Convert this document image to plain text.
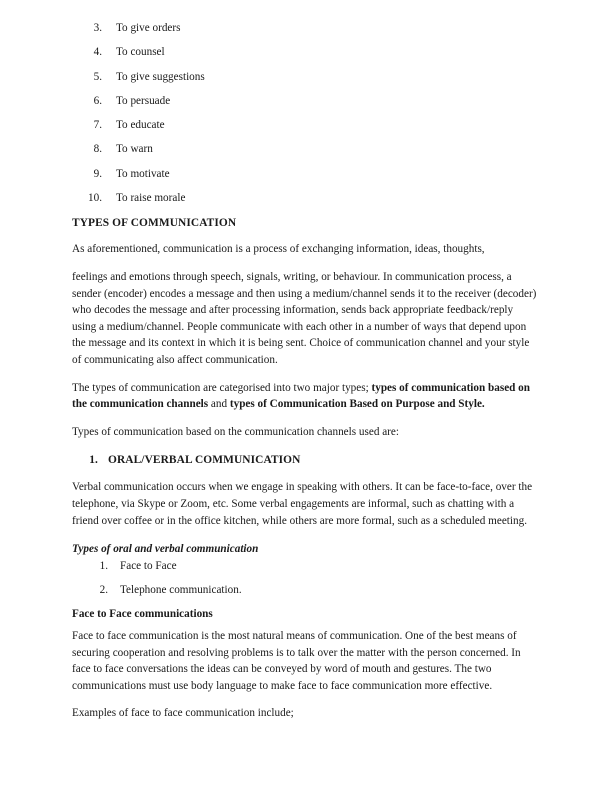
3. To give orders
4. To counsel
5. To give suggestions
6. To persuade
7. To educate
8. To warn
9. To motivate
10. To raise morale
TYPES OF COMMUNICATION

As aforementioned, communication is a process of exchanging information, ideas, thoughts,

feelings and emotions through speech, signals, writing, or behaviour. In communication process, a sender (encoder) encodes a message and then using a medium/channel sends it to the receiver (decoder) who decodes the message and after processing information, sends back appropriate feedback/reply using a medium/channel. People communicate with each other in a number of ways that depend upon the message and its context in which it is being sent. Choice of communication channel and your style of communicating also affect communication.

The types of communication are categorised into two major types; types of communication based on the communication channels and types of Communication Based on Purpose and Style.

Types of communication based on the communication channels used are:

1. ORAL/VERBAL COMMUNICATION

Verbal communication occurs when we engage in speaking with others. It can be face-to-face, over the telephone, via Skype or Zoom, etc. Some verbal engagements are informal, such as chatting with a friend over coffee or in the office kitchen, while others are more formal, such as a scheduled meeting.

Types of oral and verbal communication
1. Face to Face
2. Telephone communication.
Face to Face communications

Face to face communication is the most natural means of communication. One of the best means of securing cooperation and resolving problems is to talk over the matter with the person concerned. In face to face conversations the ideas can be conveyed by word of mouth and gestures. The two communications must use body language to make face to face communication more effective.

Examples of face to face communication include;
